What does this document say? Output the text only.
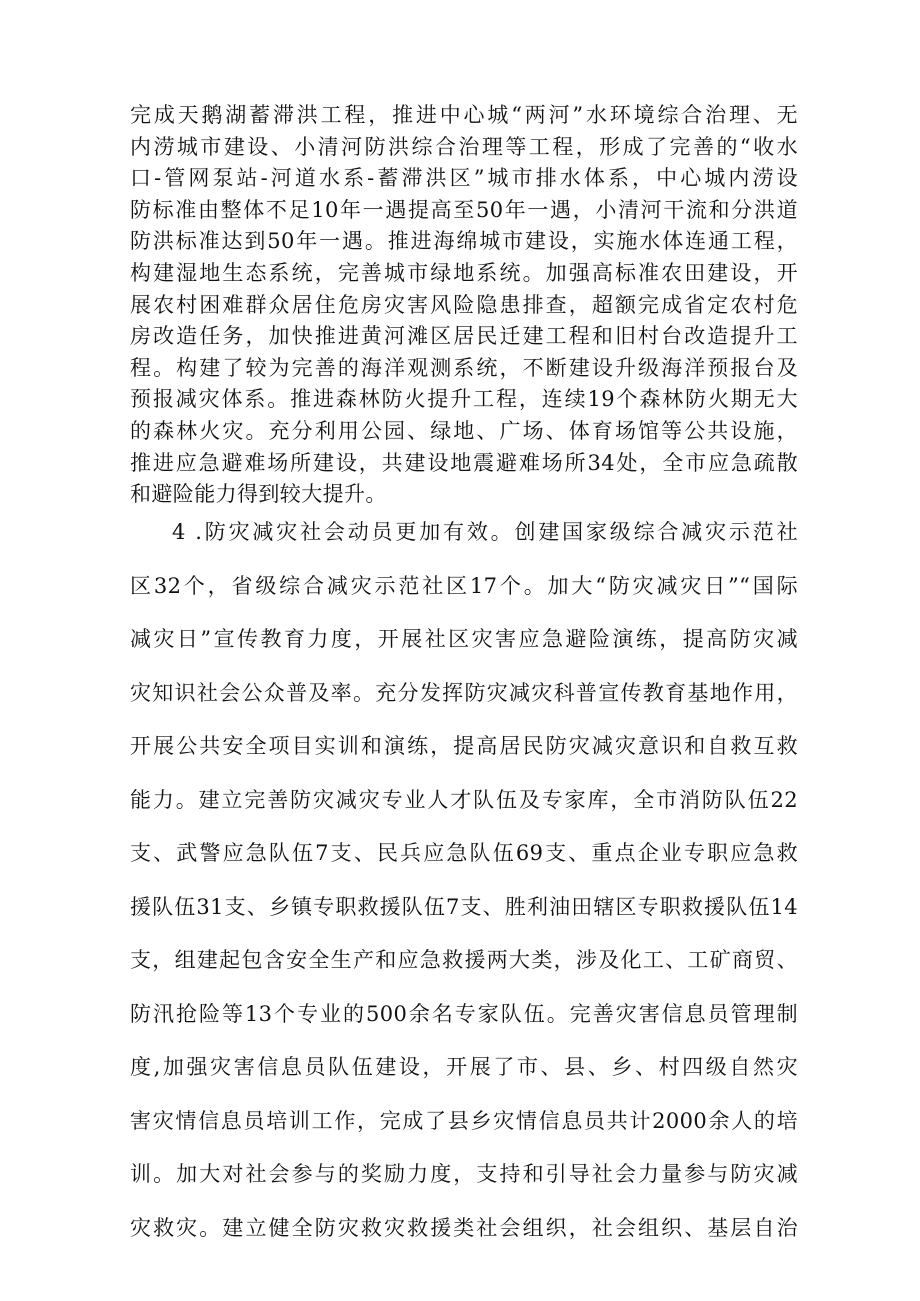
完成天鹅湖蓄滞洪工程，推进中心城“两河”水环境综合治理、无
内涝城市建设、小清河防洪综合治理等工程，形成了完善的“收水
口-管网泵站-河道水系-蓄滞洪区”城市排水体系，中心城内涝设
防标准由整体不足10年一遇提高至50年一遇，小清河干流和分洪道
防洪标准达到50年一遇。推进海绵城市建设，实施水体连通工程，
构建湿地生态系统，完善城市绿地系统。加强高标准农田建设，开
展农村困难群众居住危房灾害风险隐患排查，超额完成省定农村危
房改造任务，加快推进黄河滩区居民迁建工程和旧村台改造提升工
程。构建了较为完善的海洋观测系统，不断建设升级海洋预报台及
预报减灾体系。推进森林防火提升工程，连续19个森林防火期无大
的森林火灾。充分利用公园、绿地、广场、体育场馆等公共设施，
推进应急避难场所建设，共建设地震避难场所34处，全市应急疏散
和避险能力得到较大提升。
4 .防灾减灾社会动员更加有效。创建国家级综合减灾示范社
区32个，省级综合减灾示范社区17个。加大“防灾减灾日”“国际
减灾日”宣传教育力度，开展社区灾害应急避险演练，提高防灾减
灾知识社会公众普及率。充分发挥防灾减灾科普宣传教育基地作用，
开展公共安全项目实训和演练，提高居民防灾减灾意识和自救互救
能力。建立完善防灾减灾专业人才队伍及专家库，全市消防队伍22
支、武警应急队伍7支、民兵应急队伍69支、重点企业专职应急救
援队伍31支、乡镇专职救援队伍7支、胜利油田辖区专职救援队伍14
支，组建起包含安全生产和应急救援两大类，涉及化工、工矿商贸、
防汛抢险等13个专业的500余名专家队伍。完善灾害信息员管理制
度,加强灾害信息员队伍建设，开展了市、县、乡、村四级自然灾
害灾情信息员培训工作，完成了县乡灾情信息员共计2000余人的培
训。加大对社会参与的奖励力度，支持和引导社会力量参与防灾减
灾救灾。建立健全防灾救灾救援类社会组织，社会组织、基层自治
